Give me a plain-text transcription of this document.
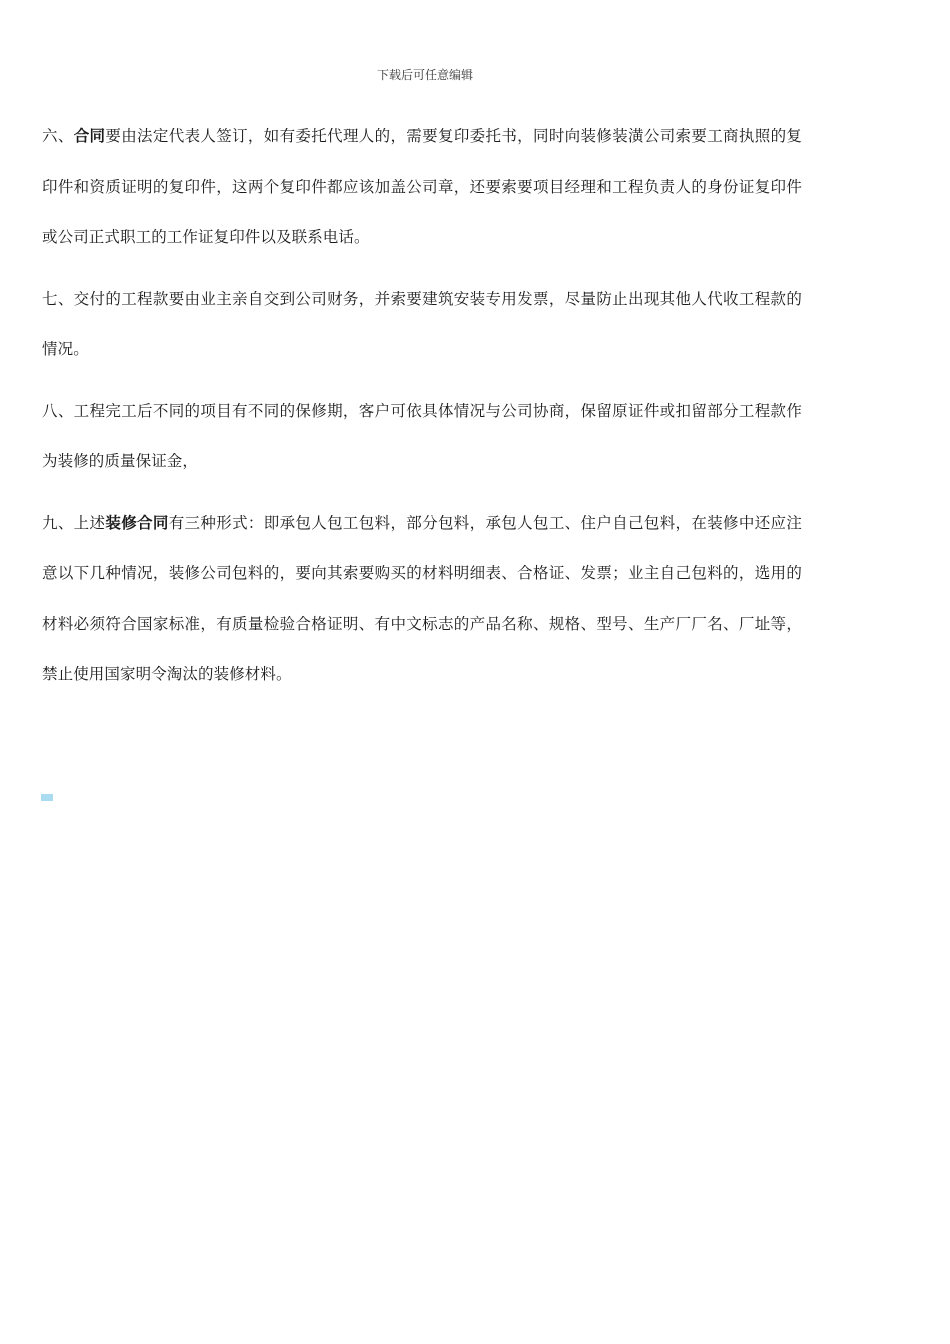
下载后可任意编辑

六、合同要由法定代表人签订，如有委托代理人的，需要复印委托书，同时向装修装潢公司索要工商执照的复印件和资质证明的复印件，这两个复印件都应该加盖公司章，还要索要项目经理和工程负责人的身份证复印件或公司正式职工的工作证复印件以及联系电话。

七、交付的工程款要由业主亲自交到公司财务，并索要建筑安装专用发票，尽量防止出现其他人代收工程款的情况。

八、工程完工后不同的项目有不同的保修期，客户可依具体情况与公司协商，保留原证件或扣留部分工程款作为装修的质量保证金，

九、上述装修合同有三种形式：即承包人包工包料，部分包料，承包人包工、住户自己包料，在装修中还应注意以下几种情况，装修公司包料的，要向其索要购买的材料明细表、合格证、发票；业主自己包料的，选用的材料必须符合国家标准，有质量检验合格证明、有中文标志的产品名称、规格、型号、生产厂厂名、厂址等，禁止使用国家明令淘汰的装修材料。
